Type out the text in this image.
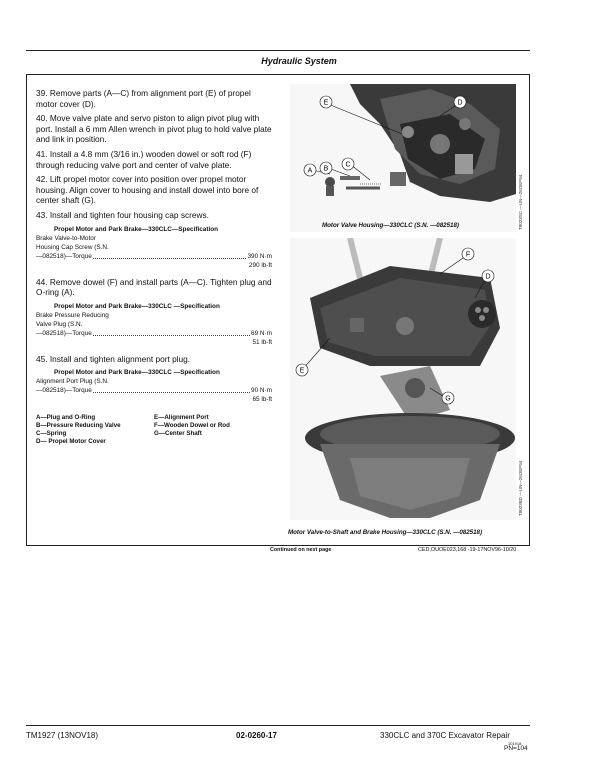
Hydraulic System

39. Remove parts (A—C) from alignment port (E) of propel motor cover (D).

40. Move valve plate and servo piston to align pivot plug with port. Install a 6 mm Allen wrench in pivot plug to hold valve plate and link in position.

41. Install a 4.8 mm (3/16 in.) wooden dowel or soft rod (F) through reducing valve port and center of valve plate.

42. Lift propel motor cover into position over propel motor housing. Align cover to housing and install dowel into bore of center shaft (G).

43. Install and tighten four housing cap screws.

Propel Motor and Park Brake—330CLC—Specification
Brake Valve-to-Motor
Housing Cap Screw (S.N.
—082518)—Torque	390 N·m
290 lb-ft

44. Remove dowel (F) and install parts (A—C). Tighten plug and O-ring (A).

Propel Motor and Park Brake—330CLC —Specification
Brake Pressure Reducing
Valve Plug (S.N.
—082518)—Torque	69 N·m
51 lb-ft

45. Install and tighten alignment port plug.

Propel Motor and Park Brake—330CLC —Specification
Alignment Port Plug (S.N.
—082518)—Torque	90 N·m
65 lb-ft
A—Plug and O-Ring	E—Alignment Port
B—Pressure Reducing Valve	F—Wooden Dowel or Rod
C—Spring	G—Center Shaft
D— Propel Motor Cover
A B
C
D
E
T8023SC —UN—26OEP94
Motor Valve Housing—330CLC (S.N. —082518)
F
D
E
G
T8023BD —UN—26OEP94
Motor Valve-to-Shaft and Brake Housing—330CLC (S.N. —082518)
Continued on next page	CED,OUOE023,168 -19-17NOV96-10/20
TM1927 (13NOV18)	02-0260-17	330CLC and 370C Excavator Repair
101918
PN=104
